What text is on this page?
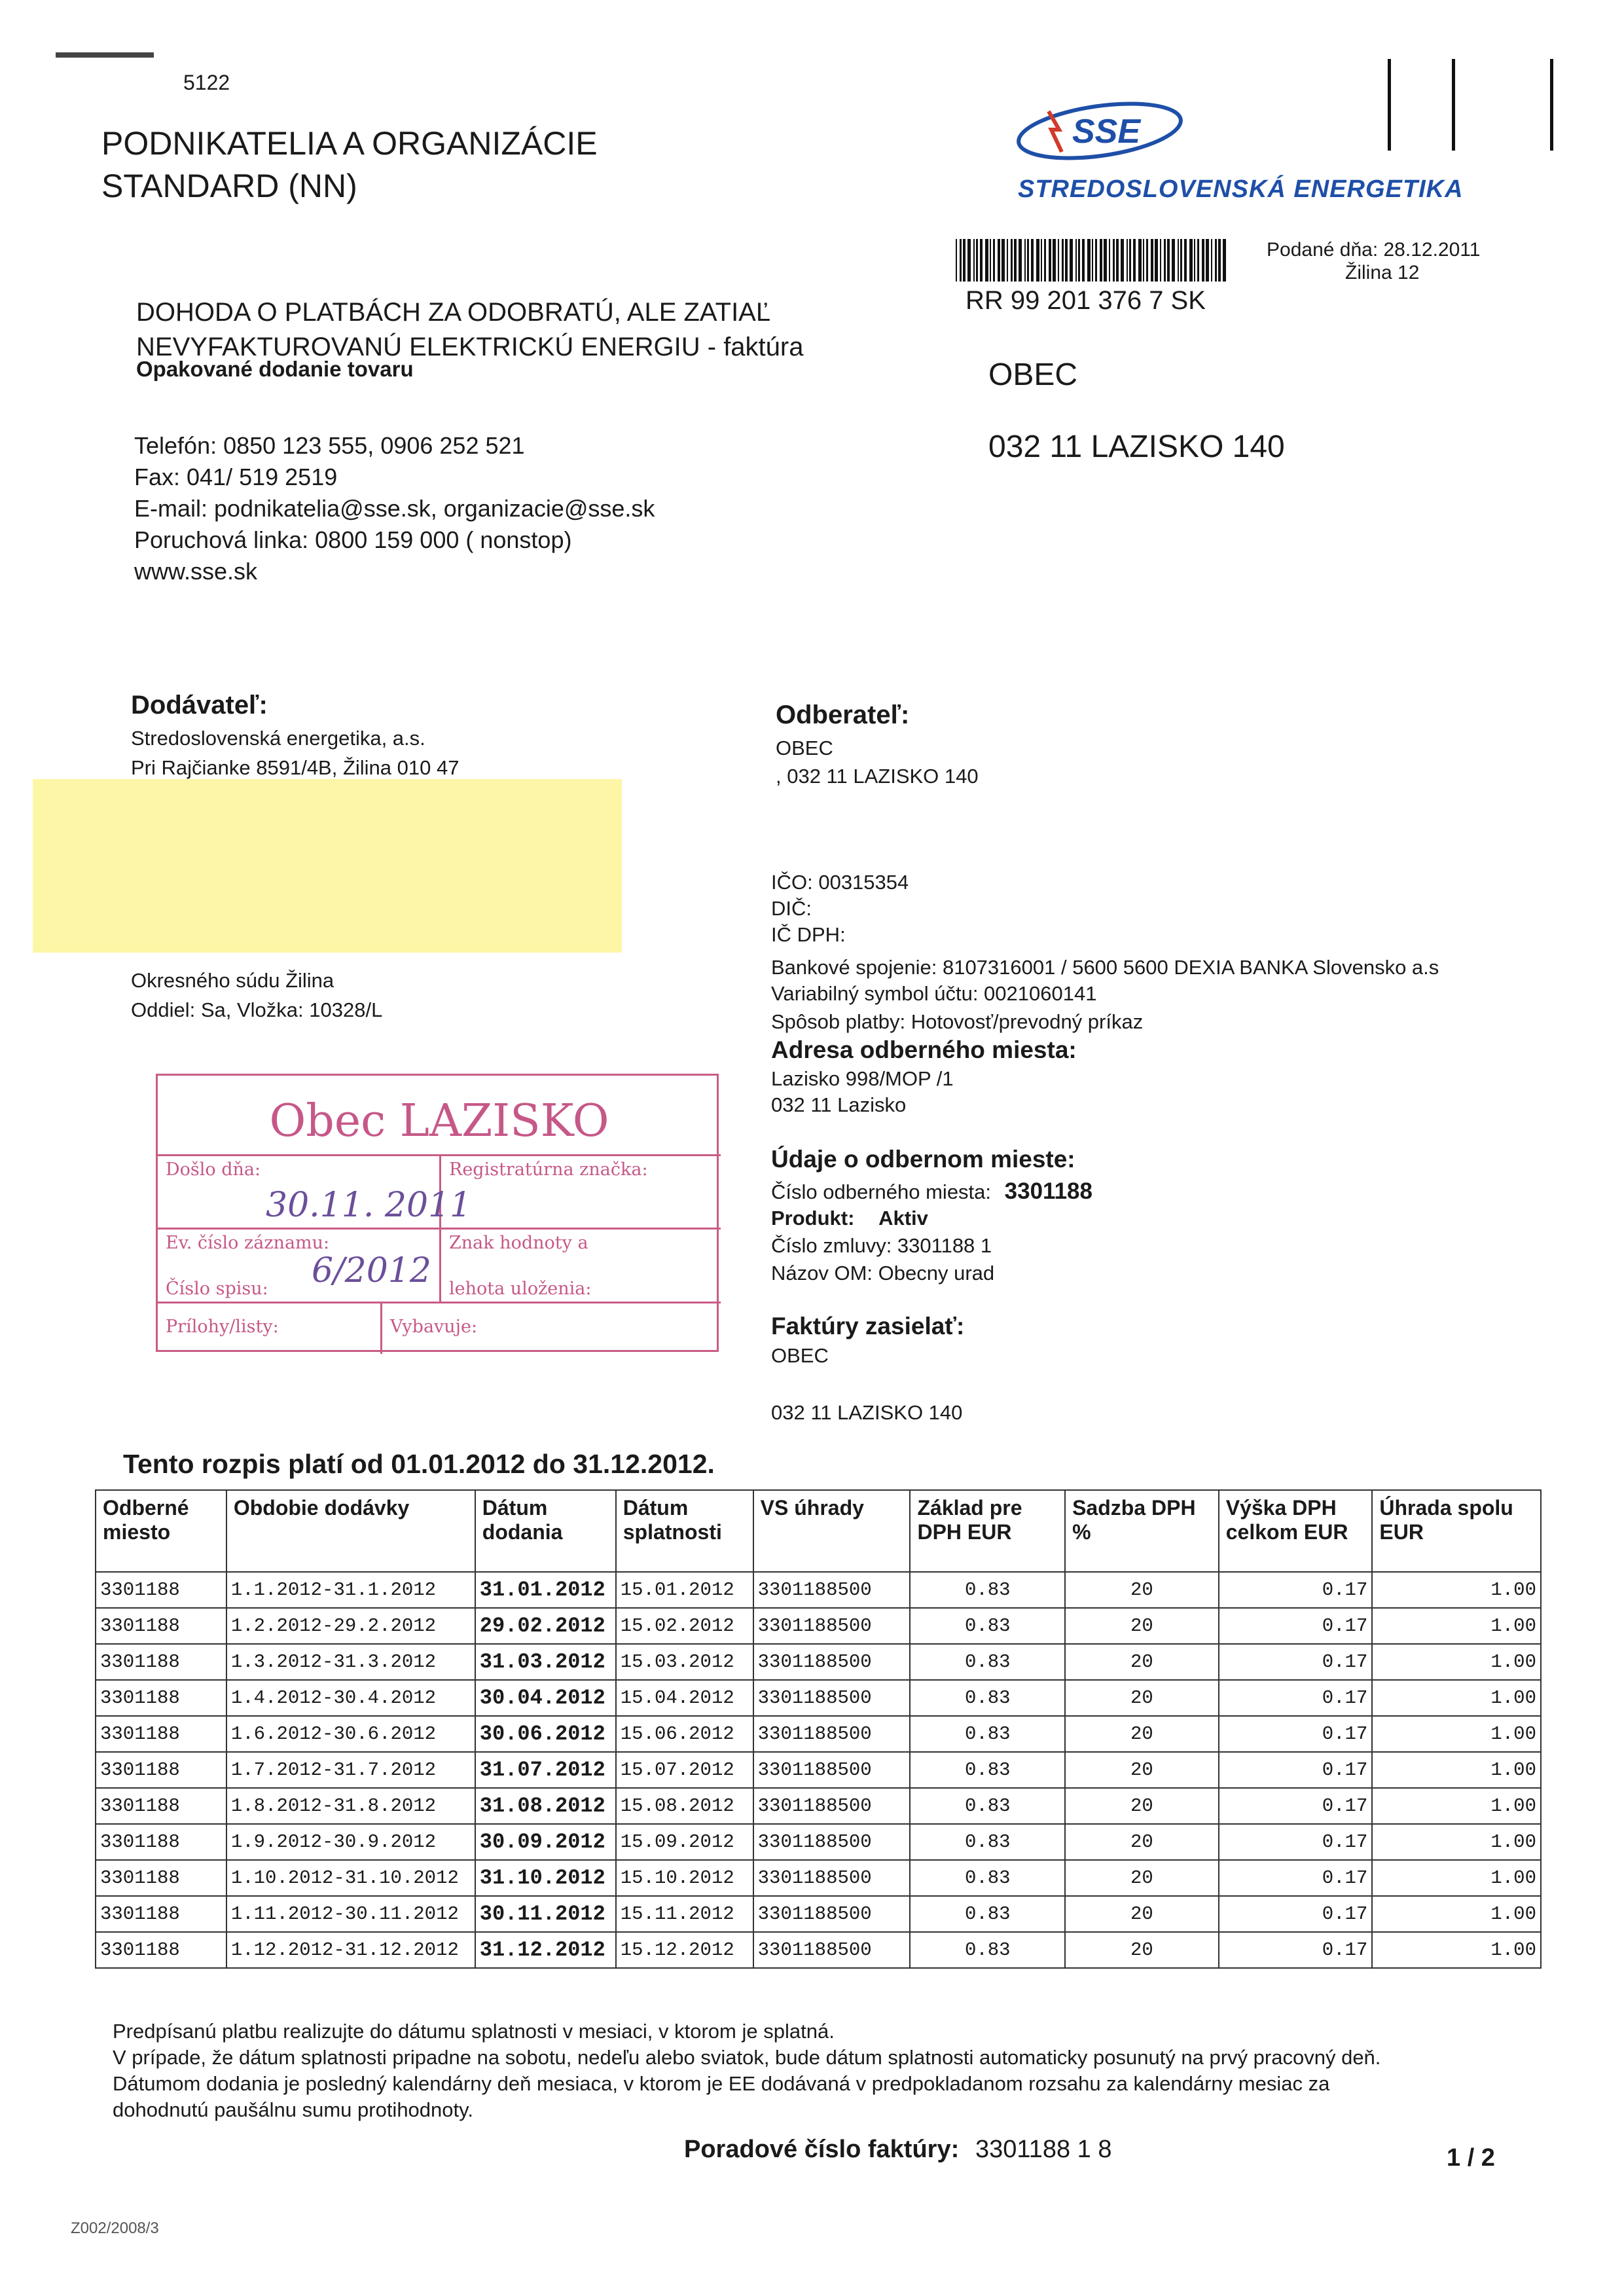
5122
PODNIKATELIA A ORGANIZÁCIE
STANDARD (NN)
SSE
STREDOSLOVENSKÁ ENERGETIKA
RR 99 201 376 7 SK
Podané dňa: 28.12.2011
Žilina 12
OBEC
032 11 LAZISKO 140
DOHODA O PLATBÁCH ZA ODOBRATÚ, ALE ZATIAĽ
NEVYFAKTUROVANÚ ELEKTRICKÚ ENERGIU - faktúra
Opakované dodanie tovaru
Telefón: 0850 123 555, 0906 252 521
Fax: 041/ 519 2519
E-mail: podnikatelia@sse.sk, organizacie@sse.sk
Poruchová linka: 0800 159 000 ( nonstop)
www.sse.sk
Dodávateľ:
Stredoslovenská energetika, a.s.
Pri Rajčianke 8591/4B, Žilina 010 47
Okresného súdu Žilina
Oddiel: Sa, Vložka: 10328/L
Odberateľ:
OBEC
, 032 11 LAZISKO 140
IČO: 00315354
DIČ:
IČ DPH:
Bankové spojenie: 8107316001 / 5600 5600 DEXIA BANKA Slovensko a.s
Variabilný symbol účtu: 0021060141
Spôsob platby: Hotovosť/prevodný príkaz
Adresa odberného miesta:
Lazisko 998/MOP /1
032 11 Lazisko
Údaje o odbernom mieste:
Číslo odberného miesta: 3301188
Produkt: Aktiv
Číslo zmluvy: 3301188 1
Názov OM: Obecny urad
Faktúry zasielať:
OBEC
032 11 LAZISKO 140
Obec LAZISKO
Došlo dňa:	Registratúrna značka:
30.11. 2011
Ev. číslo záznamu:
Číslo spisu: 6/2012
Znak hodnoty a
lehota uloženia:
Prílohy/listy:	Vybavuje:
Tento rozpis platí od 01.01.2012 do 31.12.2012.
Odberné miesto	Obdobie dodávky	Dátum dodania	Dátum splatnosti	VS úhrady	Základ pre DPH EUR	Sadzba DPH %	Výška DPH celkom EUR	Úhrada spolu EUR
3301188	1.1.2012-31.1.2012	31.01.2012	15.01.2012	3301188500	0.83	20	0.17	1.00
3301188	1.2.2012-29.2.2012	29.02.2012	15.02.2012	3301188500	0.83	20	0.17	1.00
3301188	1.3.2012-31.3.2012	31.03.2012	15.03.2012	3301188500	0.83	20	0.17	1.00
3301188	1.4.2012-30.4.2012	30.04.2012	15.04.2012	3301188500	0.83	20	0.17	1.00
3301188	1.6.2012-30.6.2012	30.06.2012	15.06.2012	3301188500	0.83	20	0.17	1.00
3301188	1.7.2012-31.7.2012	31.07.2012	15.07.2012	3301188500	0.83	20	0.17	1.00
3301188	1.8.2012-31.8.2012	31.08.2012	15.08.2012	3301188500	0.83	20	0.17	1.00
3301188	1.9.2012-30.9.2012	30.09.2012	15.09.2012	3301188500	0.83	20	0.17	1.00
3301188	1.10.2012-31.10.2012	31.10.2012	15.10.2012	3301188500	0.83	20	0.17	1.00
3301188	1.11.2012-30.11.2012	30.11.2012	15.11.2012	3301188500	0.83	20	0.17	1.00
3301188	1.12.2012-31.12.2012	31.12.2012	15.12.2012	3301188500	0.83	20	0.17	1.00
Predpísanú platbu realizujte do dátumu splatnosti v mesiaci, v ktorom je splatná.
V prípade, že dátum splatnosti pripadne na sobotu, nedeľu alebo sviatok, bude dátum splatnosti automaticky posunutý na prvý pracovný deň.
Dátumom dodania je posledný kalendárny deň mesiaca, v ktorom je EE dodávaná v predpokladanom rozsahu za kalendárny mesiac za
dohodnutú paušálnu sumu protihodnoty.
Poradové číslo faktúry: 3301188 1 8	1 / 2
Z002/2008/3
